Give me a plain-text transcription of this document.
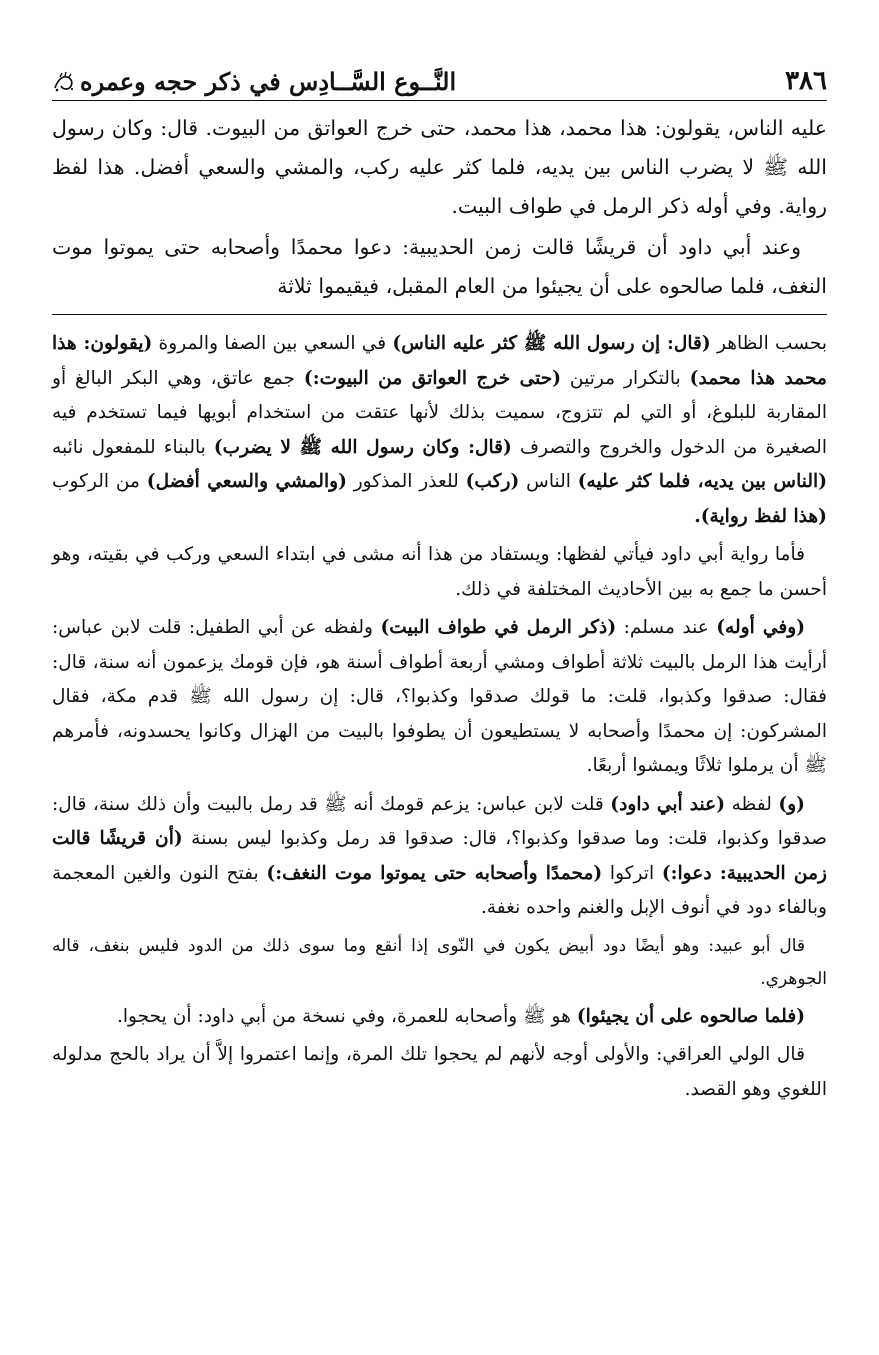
٣٨٦
النَّــوع السَّــادِس في ذكر حجه وعمره

عليه الناس، يقولون: هذا محمد، هذا محمد، حتى خرج العواتق من البيوت. قال: وكان رسول الله ﷺ لا يضرب الناس بين يديه، فلما كثر عليه ركب، والمشي والسعي أفضل. هذا لفظ رواية. وفي أوله ذكر الرمل في طواف البيت.

وعند أبي داود أن قريشًا قالت زمن الحديبية: دعوا محمدًا وأصحابه حتى يموتوا موت النغف، فلما صالحوه على أن يجيئوا من العام المقبل، فيقيموا ثلاثة

بحسب الظاهر (قال: إن رسول الله ﷺ كثر عليه الناس) في السعي بين الصفا والمروة (يقولون: هذا محمد هذا محمد) بالتكرار مرتين (حتى خرج العواتق من البيوت:) جمع عاتق، وهي البكر البالغ أو المقاربة للبلوغ، أو التي لم تتزوج، سميت بذلك لأنها عتقت من استخدام أبويها فيما تستخدم فيه الصغيرة من الدخول والخروج والتصرف (قال: وكان رسول الله ﷺ لا يضرب) بالبناء للمفعول نائبه (الناس بين يديه، فلما كثر عليه) الناس (ركب) للعذر المذكور (والمشي والسعي أفضل) من الركوب (هذا لفظ رواية).

فأما رواية أبي داود فيأتي لفظها: ويستفاد من هذا أنه مشى في ابتداء السعي وركب في بقيته، وهو أحسن ما جمع به بين الأحاديث المختلفة في ذلك.

(وفي أوله) عند مسلم: (ذكر الرمل في طواف البيت) ولفظه عن أبي الطفيل: قلت لابن عباس: أرأيت هذا الرمل بالبيت ثلاثة أطواف ومشي أربعة أطواف أسنة هو، فإن قومك يزعمون أنه سنة، قال: فقال: صدقوا وكذبوا، قلت: ما قولك صدقوا وكذبوا؟، قال: إن رسول الله ﷺ قدم مكة، فقال المشركون: إن محمدًا وأصحابه لا يستطيعون أن يطوفوا بالبيت من الهزال وكانوا يحسدونه، فأمرهم ﷺ أن يرملوا ثلاثًا ويمشوا أربعًا.

(و) لفظه (عند أبي داود) قلت لابن عباس: يزعم قومك أنه ﷺ قد رمل بالبيت وأن ذلك سنة، قال: صدقوا وكذبوا، قلت: وما صدقوا وكذبوا؟، قال: صدقوا قد رمل وكذبوا ليس بسنة (أن قريشًا قالت زمن الحديبية: دعوا:) اتركوا (محمدًا وأصحابه حتى يموتوا موت النغف:) بفتح النون والغين المعجمة وبالفاء دود في أنوف الإبل والغنم واحده نغفة.

قال أبو عبيد: وهو أيضًا دود أبيض يكون في النّوى إذا أنقع وما سوى ذلك من الدود فليس بنغف، قاله الجوهري.

(فلما صالحوه على أن يجيئوا) هو ﷺ وأصحابه للعمرة، وفي نسخة من أبي داود: أن يحجوا.

قال الولي العراقي: والأولى أوجه لأنهم لم يحجوا تلك المرة، وإنما اعتمروا إلاَّ أن يراد بالحج مدلوله اللغوي وهو القصد.
